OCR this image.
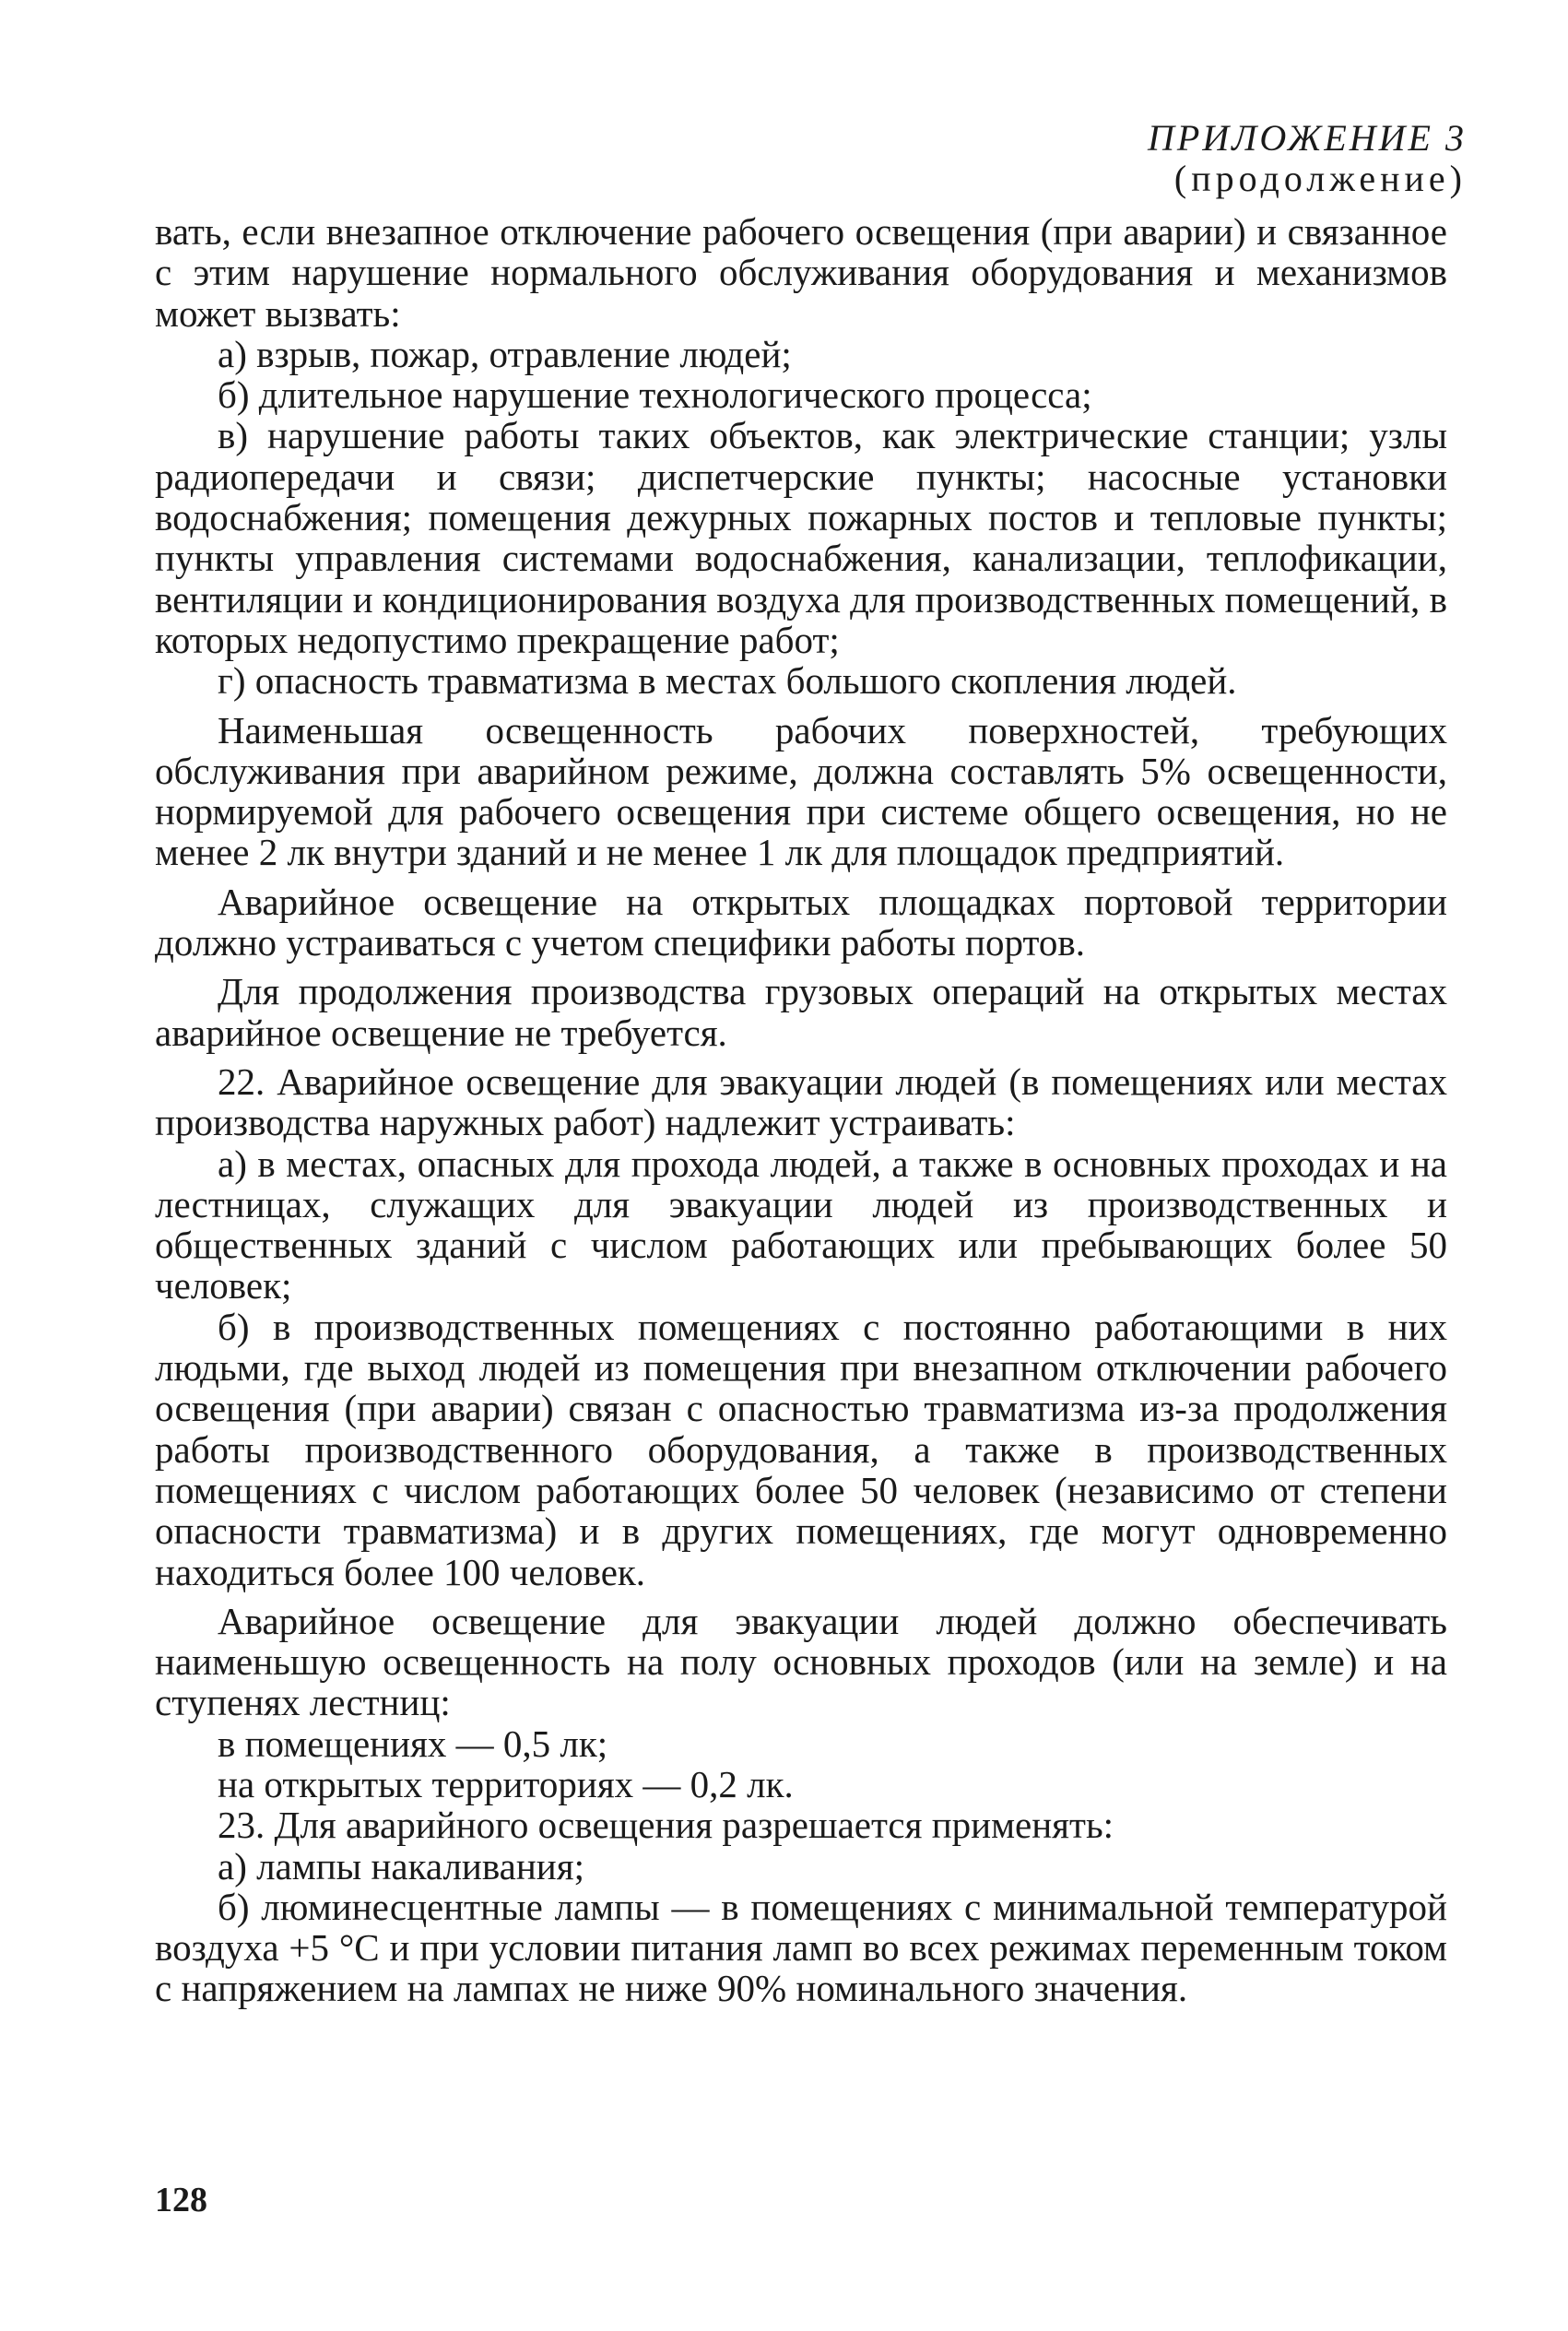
ПРИЛОЖЕНИЕ 3
(продолжение)

вать, если внезапное отключение рабочего освещения (при аварии) и связанное с этим нарушение нормального обслуживания оборудования и механизмов может вызвать:

а) взрыв, пожар, отравление людей;

б) длительное нарушение технологического процесса;

в) нарушение работы таких объектов, как электрические станции; узлы радиопередачи и связи; диспетчерские пункты; насосные установки водоснабжения; помещения дежурных пожарных постов и тепловые пункты; пункты управления системами водоснабжения, канализации, теплофикации, вентиляции и кондиционирования воздуха для производственных помещений, в которых недопустимо прекращение работ;

г) опасность травматизма в местах большого скопления людей.

Наименьшая освещенность рабочих поверхностей, требующих обслуживания при аварийном режиме, должна составлять 5% освещенности, нормируемой для рабочего освещения при системе общего освещения, но не менее 2 лк внутри зданий и не менее 1 лк для площадок предприятий.

Аварийное освещение на открытых площадках портовой территории должно устраиваться с учетом специфики работы портов.

Для продолжения производства грузовых операций на открытых местах аварийное освещение не требуется.

22. Аварийное освещение для эвакуации людей (в помещениях или местах производства наружных работ) надлежит устраивать:

а) в местах, опасных для прохода людей, а также в основных проходах и на лестницах, служащих для эвакуации людей из производственных и общественных зданий с числом работающих или пребывающих более 50 человек;

б) в производственных помещениях с постоянно работающими в них людьми, где выход людей из помещения при внезапном отключении рабочего освещения (при аварии) связан с опасностью травматизма из-за продолжения работы производственного оборудования, а также в производственных помещениях с числом работающих более 50 человек (независимо от степени опасности травматизма) и в других помещениях, где могут одновременно находиться более 100 человек.

Аварийное освещение для эвакуации людей должно обеспечивать наименьшую освещенность на полу основных проходов (или на земле) и на ступенях лестниц:

в помещениях — 0,5 лк;

на открытых территориях — 0,2 лк.

23. Для аварийного освещения разрешается применять:

а) лампы накаливания;

б) люминесцентные лампы — в помещениях с минимальной температурой воздуха +5 °С и при условии питания ламп во всех режимах переменным током с напряжением на лампах не ниже 90% номинального значения.

128
